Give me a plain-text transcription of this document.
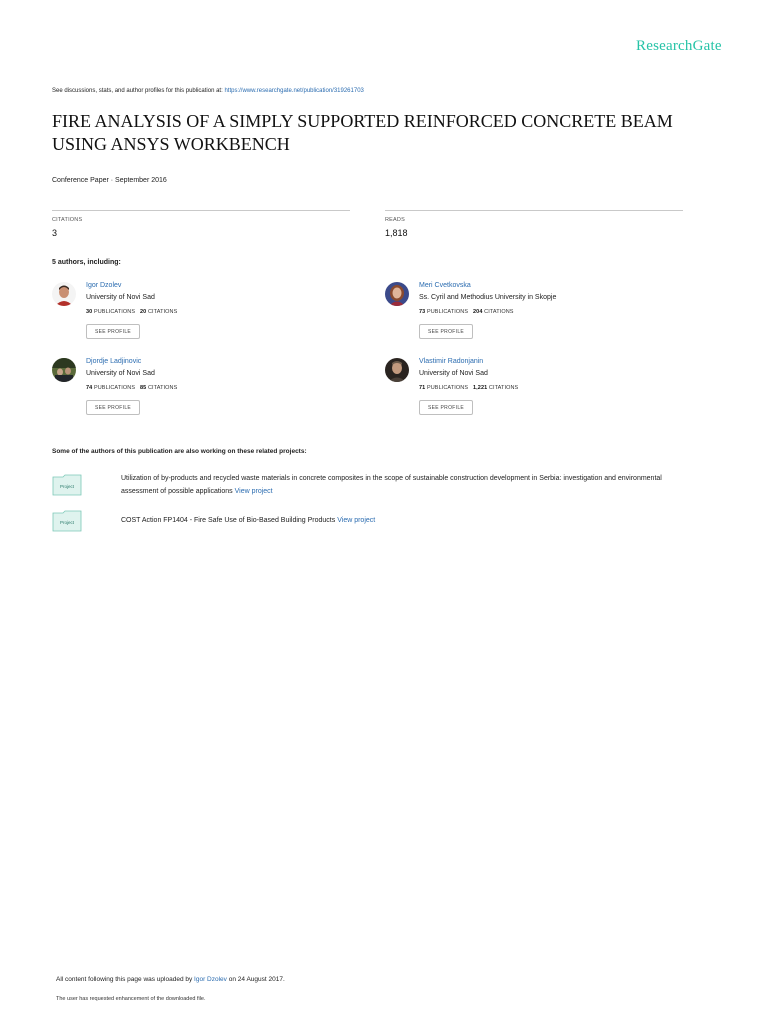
ResearchGate
See discussions, stats, and author profiles for this publication at: https://www.researchgate.net/publication/319261703
FIRE ANALYSIS OF A SIMPLY SUPPORTED REINFORCED CONCRETE BEAM USING ANSYS WORKBENCH
Conference Paper · September 2016
CITATIONS
3
READS
1,818
5 authors, including:
Igor Dzolev
University of Novi Sad
30 PUBLICATIONS 20 CITATIONS
SEE PROFILE
Meri Cvetkovska
Ss. Cyril and Methodius University in Skopje
73 PUBLICATIONS 204 CITATIONS
SEE PROFILE
Djordje Ladjinovic
University of Novi Sad
74 PUBLICATIONS 85 CITATIONS
SEE PROFILE
Vlastimir Radonjanin
University of Novi Sad
71 PUBLICATIONS 1,221 CITATIONS
SEE PROFILE
Some of the authors of this publication are also working on these related projects:
Project
Utilization of by-products and recycled waste materials in concrete composites in the scope of sustainable construction development in Serbia: investigation and environmental assessment of possible applications View project
Project	COST Action FP1404 - Fire Safe Use of Bio-Based Building Products View project
All content following this page was uploaded by Igor Dzolev on 24 August 2017.
The user has requested enhancement of the downloaded file.
